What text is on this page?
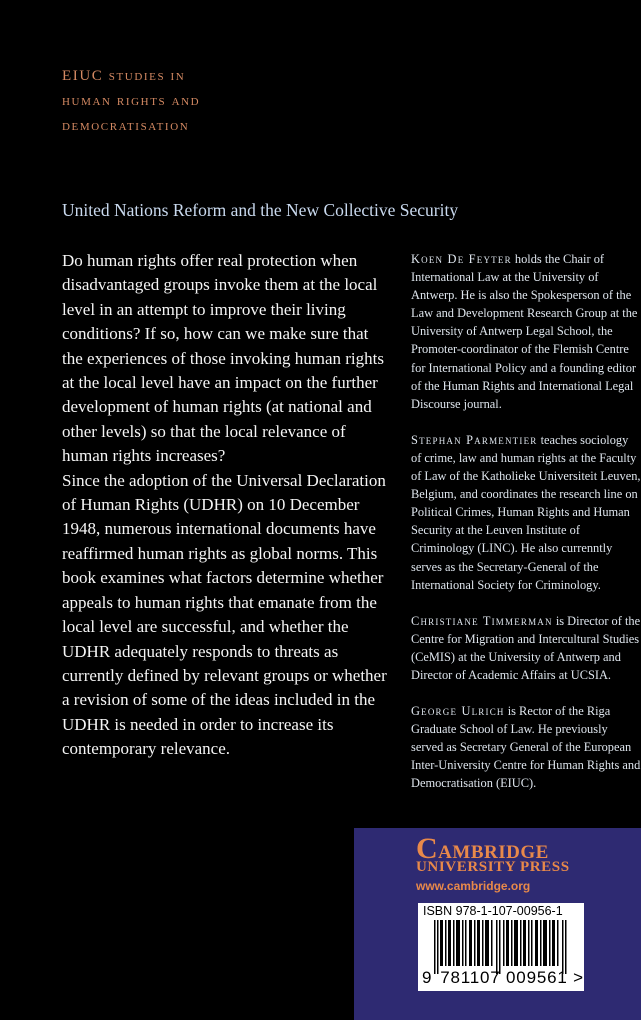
EIUC studies in
human rights and
democratisation
United Nations Reform and the New Collective Security

Do human rights offer real protection when disadvantaged groups invoke them at the local level in an attempt to improve their living conditions? If so, how can we make sure that the experiences of those invoking human rights at the local level have an impact on the further development of human rights (at national and other levels) so that the local relevance of human rights increases?

Since the adoption of the Universal Declaration of Human Rights (UDHR) on 10 December 1948, numerous international documents have reaffirmed human rights as global norms. This book examines what factors determine whether appeals to human rights that emanate from the local level are successful, and whether the UDHR adequately responds to threats as currently defined by relevant groups or whether a revision of some of the ideas included in the UDHR is needed in order to increase its contemporary relevance.

Koen De Feyter holds the Chair of International Law at the University of Antwerp. He is also the Spokesperson of the Law and Development Research Group at the University of Antwerp Legal School, the Promoter-coordinator of the Flemish Centre for International Policy and a founding editor of the Human Rights and International Legal Discourse journal.

Stephan Parmentier teaches sociology of crime, law and human rights at the Faculty of Law of the Katholieke Universiteit Leuven, Belgium, and coordinates the research line on Political Crimes, Human Rights and Human Security at the Leuven Institute of Criminology (LINC). He also currenntly serves as the Secretary-General of the International Society for Criminology.

Christiane Timmerman is Director of the Centre for Migration and Intercultural Studies (CeMIS) at the University of Antwerp and Director of Academic Affairs at UCSIA.

George Ulrich is Rector of the Riga Graduate School of Law. He previously served as Secretary General of the European Inter-University Centre for Human Rights and Democratisation (EIUC).

Cambridge
UNIVERSITY PRESS
www.cambridge.org
ISBN 978-1-107-00956-1
9 781107 009561 >
